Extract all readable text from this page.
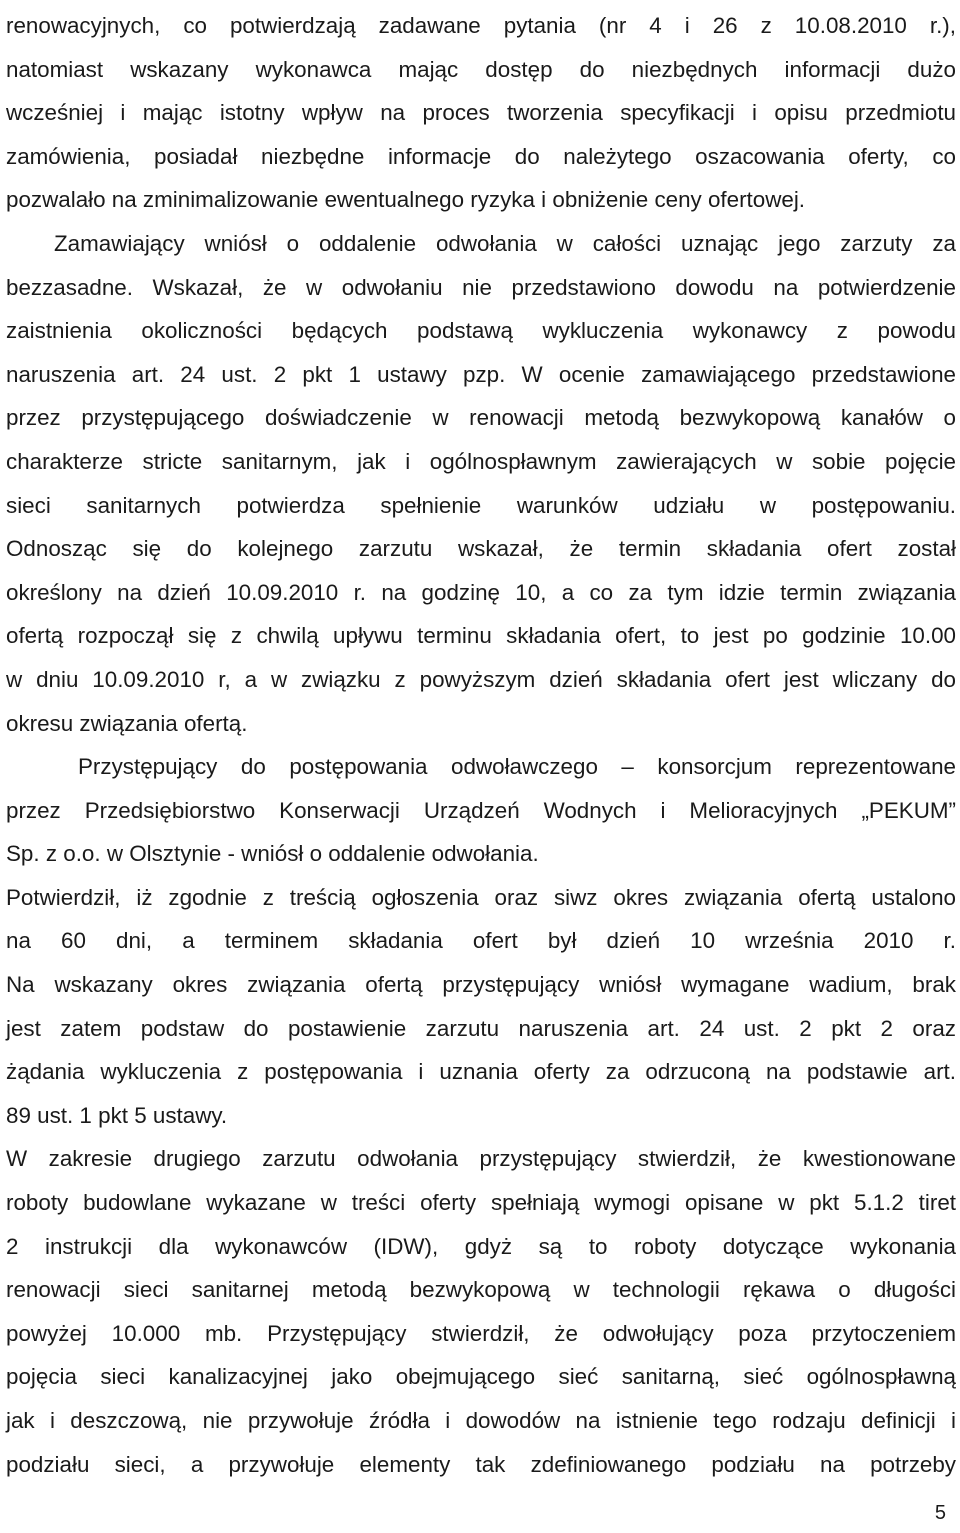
renowacyjnych, co potwierdzają zadawane pytania (nr 4 i 26 z 10.08.2010 r.),

natomiast wskazany wykonawca mając dostęp do niezbędnych informacji dużo

wcześniej i mając istotny wpływ na proces tworzenia specyfikacji i opisu przedmiotu

zamówienia, posiadał niezbędne informacje do należytego oszacowania oferty, co

pozwalało na zminimalizowanie ewentualnego ryzyka i obniżenie ceny ofertowej.

Zamawiający wniósł o oddalenie odwołania w całości uznając jego zarzuty za

bezzasadne. Wskazał, że w odwołaniu nie przedstawiono dowodu na potwierdzenie

zaistnienia okoliczności będących podstawą wykluczenia wykonawcy z powodu

naruszenia art. 24 ust. 2 pkt 1 ustawy pzp. W ocenie zamawiającego przedstawione

przez przystępującego doświadczenie w renowacji metodą bezwykopową kanałów o

charakterze stricte sanitarnym, jak i ogólnospławnym zawierających w sobie pojęcie

sieci sanitarnych potwierdza spełnienie warunków udziału w postępowaniu.

Odnosząc się do kolejnego zarzutu wskazał, że termin składania ofert został

określony na dzień 10.09.2010 r. na godzinę 10, a co za tym idzie termin związania

ofertą rozpoczął się z chwilą upływu terminu składania ofert, to jest po godzinie 10.00

w dniu 10.09.2010 r, a w związku z powyższym dzień składania ofert jest wliczany do

okresu związania ofertą.

Przystępujący do postępowania odwoławczego – konsorcjum reprezentowane

przez Przedsiębiorstwo Konserwacji Urządzeń Wodnych i Melioracyjnych „PEKUM”

Sp. z o.o. w Olsztynie - wniósł o oddalenie odwołania.

Potwierdził, iż zgodnie z treścią ogłoszenia oraz siwz okres związania ofertą ustalono

na 60 dni, a terminem składania ofert był dzień 10 września 2010 r.

Na wskazany okres związania ofertą przystępujący wniósł wymagane wadium, brak

jest zatem podstaw do postawienie zarzutu naruszenia art. 24 ust. 2 pkt 2 oraz

żądania wykluczenia z postępowania i uznania oferty za odrzuconą na podstawie art.

89 ust. 1 pkt 5 ustawy.

W zakresie drugiego zarzutu odwołania przystępujący stwierdził, że kwestionowane

roboty budowlane wykazane w treści oferty spełniają wymogi opisane w pkt 5.1.2 tiret

2 instrukcji dla wykonawców (IDW), gdyż są to roboty dotyczące wykonania

renowacji sieci sanitarnej metodą bezwykopową w technologii rękawa o długości

powyżej 10.000 mb. Przystępujący stwierdził, że odwołujący poza przytoczeniem

pojęcia sieci kanalizacyjnej jako obejmującego sieć sanitarną, sieć ogólnospławną

jak i deszczową, nie przywołuje źródła i dowodów na istnienie tego rodzaju definicji i

podziału sieci, a przywołuje elementy tak zdefiniowanego podziału na potrzeby

5
